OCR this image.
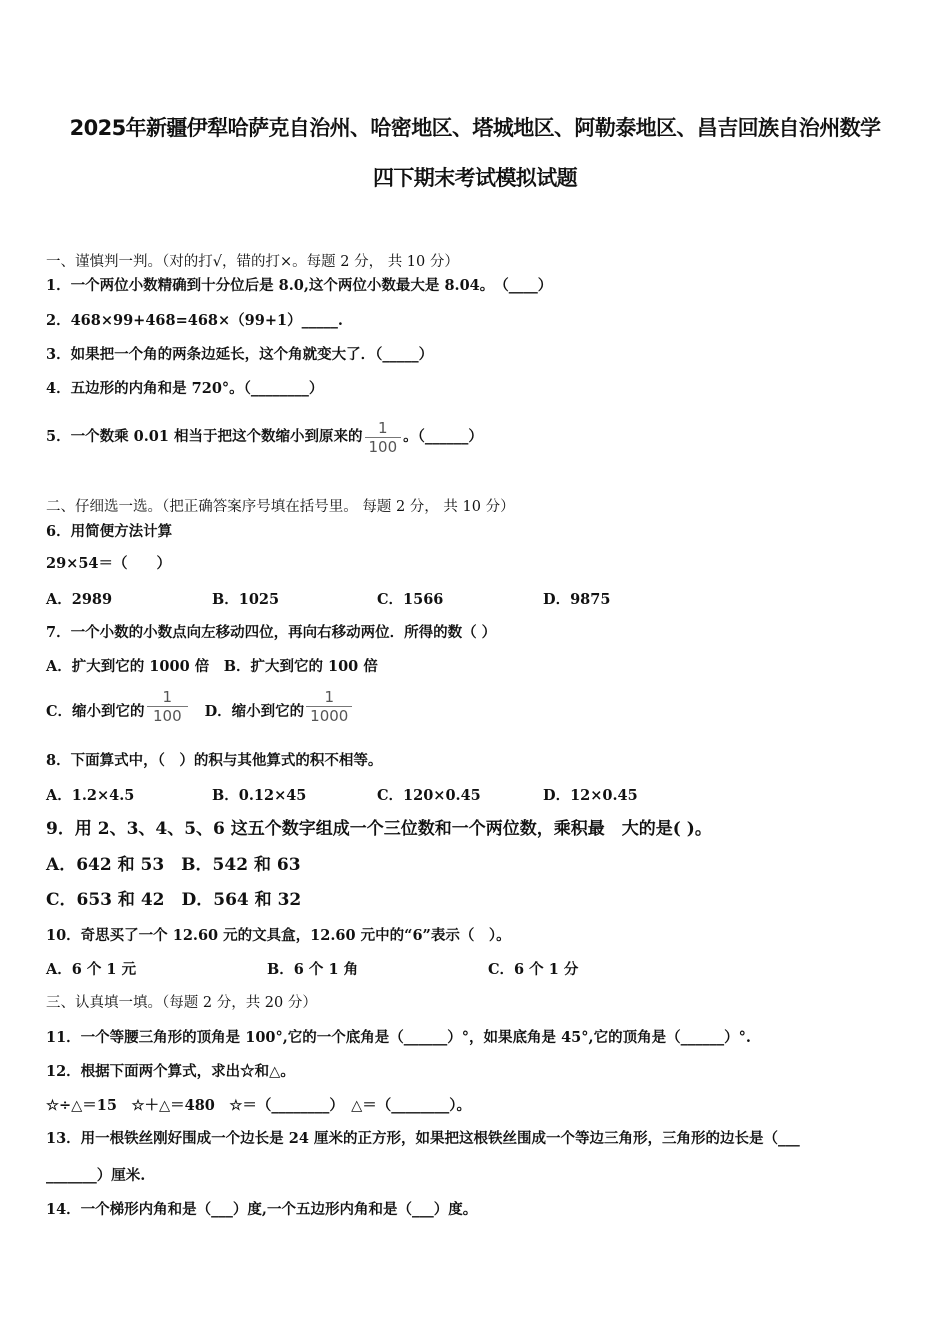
2025年新疆伊犁哈萨克自治州、哈密地区、塔城地区、阿勒泰地区、昌吉回族自治州数学
四下期末考试模拟试题
一、谨慎判一判。（对的打√，错的打×。每题 2 分， 共 10 分）
1．一个两位小数精确到十分位后是 8.0,这个两位小数最大是 8.04。　（____）
2．468×99+468=468×（99+1）_____.
3．如果把一个角的两条边延长，这个角就变大了．（_____）
4．五边形的内角和是 720°。（________）
5．一个数乘 0.01 相当于把这个数缩小到原来的 $\frac{1}{100}$ 。（______）
二、仔细选一选。（把正确答案序号填在括号里。 每题 2 分， 共 10 分）
6．用简便方法计算
29×54＝（　　）
A．2989	B．1025	C．1566	D．9875
7．一个小数的小数点向左移动四位，再向右移动两位．所得的数（ ）
A．扩大到它的 1000 倍　B．扩大到它的 100 倍
C．缩小到它的 $\frac{1}{100}$
　 D．缩小到它的 $\frac{1}{1000}$
8．下面算式中，（　）的积与其他算式的积不相等。
A．1.2×4.5	B．0.12×45	C．120×0.45	D．12×0.45
9．用 2、3、4、5、6 这五个数字组成一个三位数和一个两位数，乘积最　大的是( )。
A．642 和 53　B．542 和 63
C．653 和 42　D．564 和 32
10．奇思买了一个 12.60 元的文具盒，12.60 元中的“6”表示（　）。
A．6 个 1 元	B．6 个 1 角	C．6 个 1 分
三、认真填一填。（每题 2 分，共 20 分）
11．一个等腰三角形的顶角是 100°,它的一个底角是（______）°，如果底角是 45°,它的顶角是（______）°.
12．根据下面两个算式，求出☆和△。
☆÷△＝15　☆＋△＝480　☆＝（________）　△＝（________）。
13．用一根铁丝刚好围成一个边长是 24 厘米的正方形，如果把这根铁丝围成一个等边三角形，三角形的边长是（___
_______）厘米.
14．一个梯形内角和是（___）度,一个五边形内角和是（___）度。
